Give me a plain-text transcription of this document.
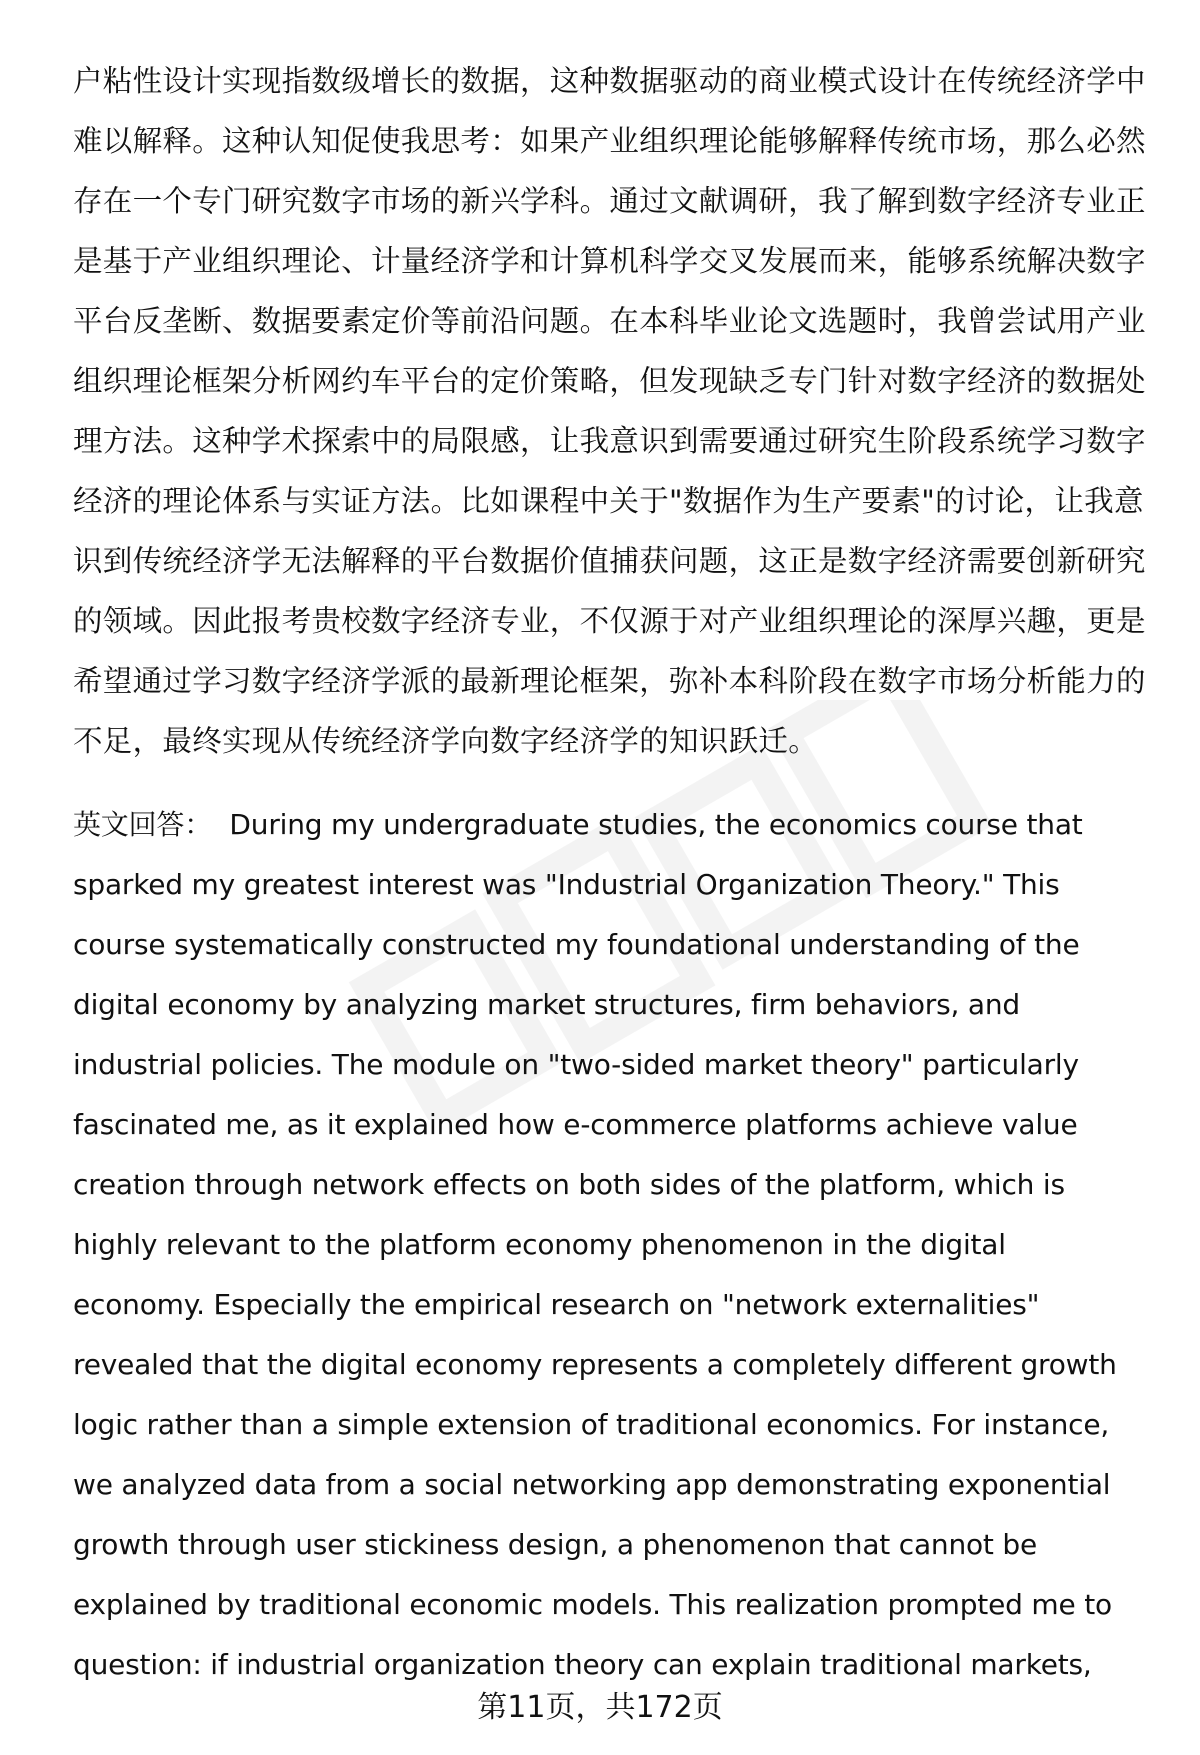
户粘性设计实现指数级增长的数据，这种数据驱动的商业模式设计在传统经济学中
难以解释。这种认知促使我思考：如果产业组织理论能够解释传统市场，那么必然
存在一个专门研究数字市场的新兴学科。通过文献调研，我了解到数字经济专业正
是基于产业组织理论、计量经济学和计算机科学交叉发展而来，能够系统解决数字
平台反垄断、数据要素定价等前沿问题。在本科毕业论文选题时，我曾尝试用产业
组织理论框架分析网约车平台的定价策略，但发现缺乏专门针对数字经济的数据处
理方法。这种学术探索中的局限感，让我意识到需要通过研究生阶段系统学习数字
经济的理论体系与实证方法。比如课程中关于"数据作为生产要素"的讨论，让我意
识到传统经济学无法解释的平台数据价值捕获问题，这正是数字经济需要创新研究
的领域。因此报考贵校数字经济专业，不仅源于对产业组织理论的深厚兴趣，更是
希望通过学习数字经济学派的最新理论框架，弥补本科阶段在数字市场分析能力的
不足，最终实现从传统经济学向数字经济学的知识跃迁。
英文回答： During my undergraduate studies, the economics course that
sparked my greatest interest was "Industrial Organization Theory." This
course systematically constructed my foundational understanding of the
digital economy by analyzing market structures, firm behaviors, and
industrial policies. The module on "two-sided market theory" particularly
fascinated me, as it explained how e-commerce platforms achieve value
creation through network effects on both sides of the platform, which is
highly relevant to the platform economy phenomenon in the digital
economy. Especially the empirical research on "network externalities"
revealed that the digital economy represents a completely different growth
logic rather than a simple extension of traditional economics. For instance,
we analyzed data from a social networking app demonstrating exponential
growth through user stickiness design, a phenomenon that cannot be
explained by traditional economic models. This realization prompted me to
question: if industrial organization theory can explain traditional markets,
第11页，共172页
